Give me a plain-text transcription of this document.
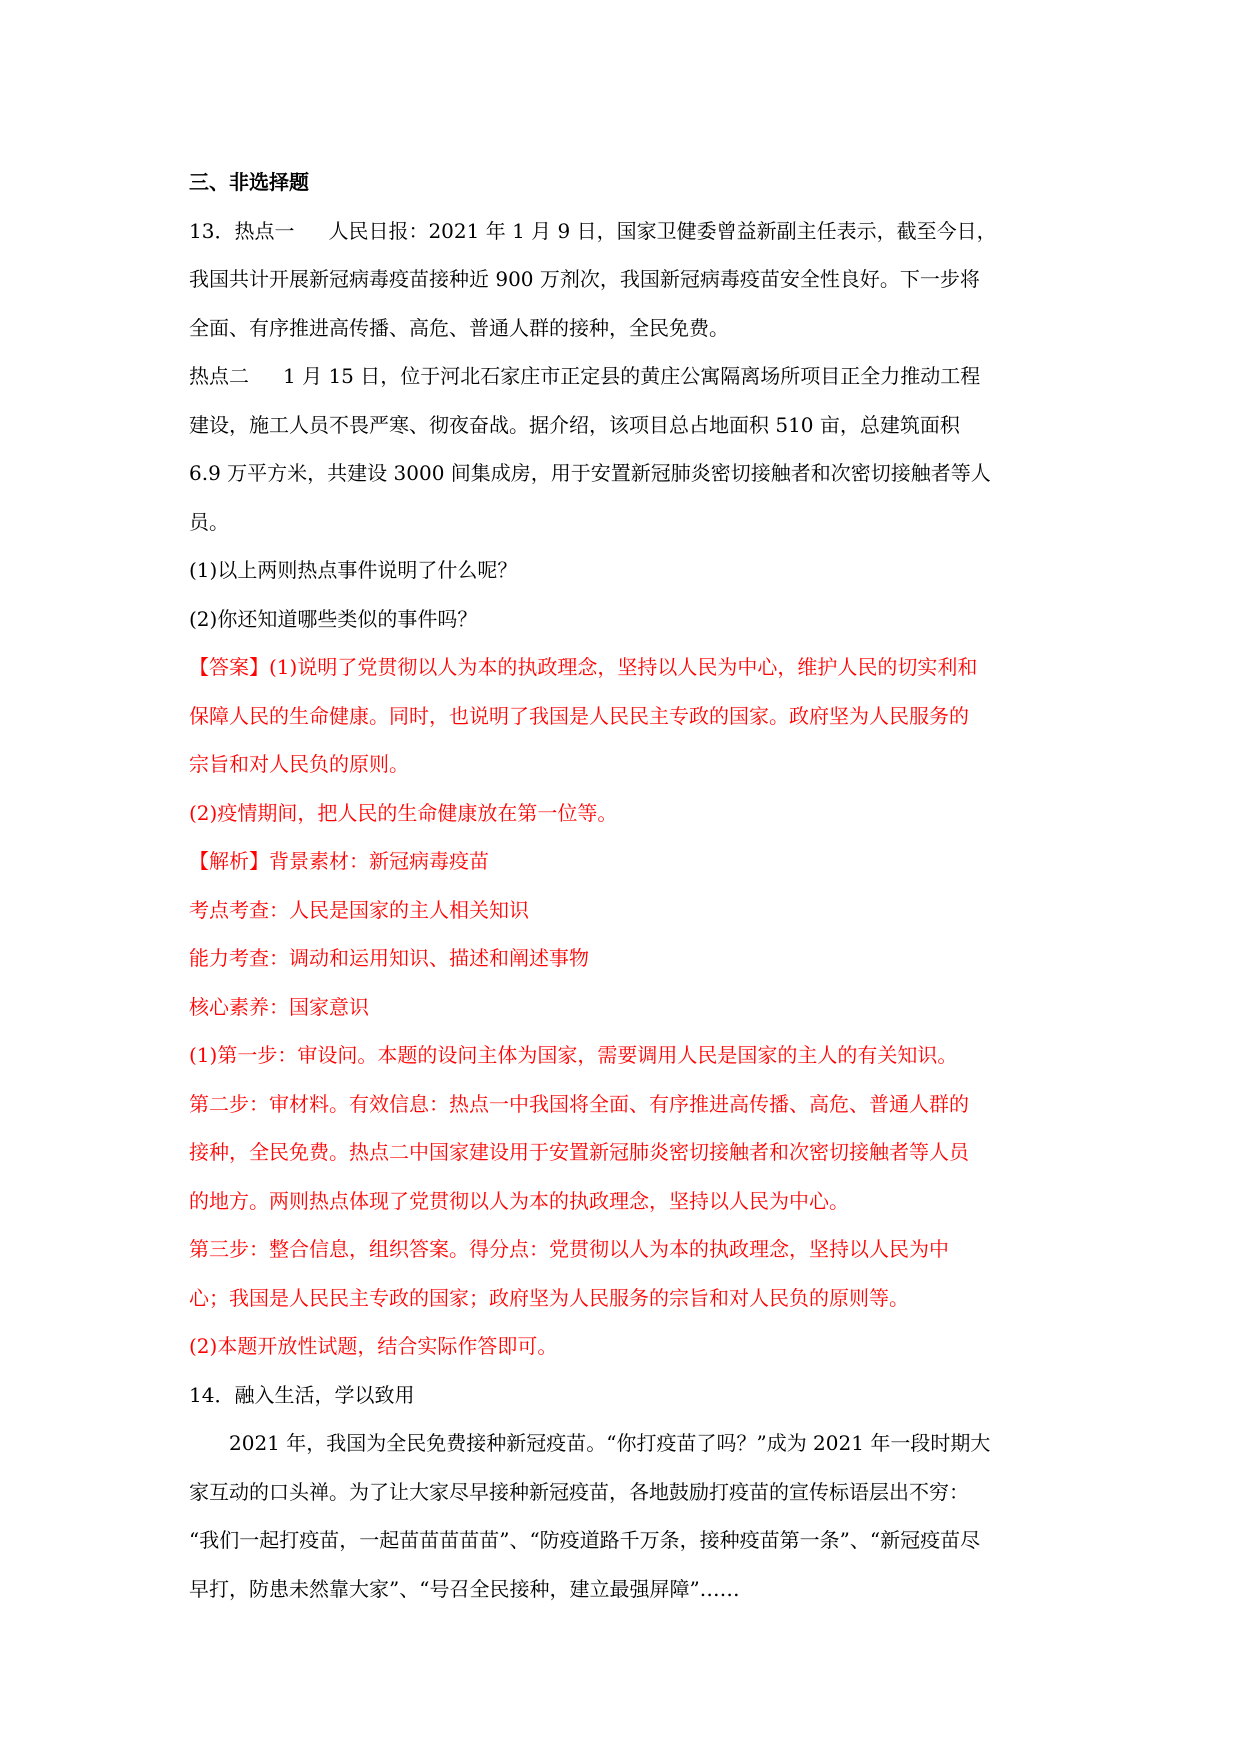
三、非选择题
13．热点一 人民日报：2021 年 1 月 9 日，国家卫健委曾益新副主任表示，截至今日，
我国共计开展新冠病毒疫苗接种近 900 万剂次，我国新冠病毒疫苗安全性良好。下一步将
全面、有序推进高传播、高危、普通人群的接种，全民免费。
热点二 1 月 15 日，位于河北石家庄市正定县的黄庄公寓隔离场所项目正全力推动工程
建设，施工人员不畏严寒、彻夜奋战。据介绍，该项目总占地面积 510 亩，总建筑面积
6.9 万平方米，共建设 3000 间集成房，用于安置新冠肺炎密切接触者和次密切接触者等人
员。
(1)以上两则热点事件说明了什么呢？
(2)你还知道哪些类似的事件吗？
【答案】(1)说明了党贯彻以人为本的执政理念，坚持以人民为中心，维护人民的切实利和
保障人民的生命健康。同时，也说明了我国是人民民主专政的国家。政府坚为人民服务的
宗旨和对人民负的原则。
(2)疫情期间，把人民的生命健康放在第一位等。
【解析】背景素材：新冠病毒疫苗
考点考查：人民是国家的主人相关知识
能力考查：调动和运用知识、描述和阐述事物
核心素养：国家意识
(1)第一步：审设问。本题的设问主体为国家，需要调用人民是国家的主人的有关知识。
第二步：审材料。有效信息：热点一中我国将全面、有序推进高传播、高危、普通人群的
接种，全民免费。热点二中国家建设用于安置新冠肺炎密切接触者和次密切接触者等人员
的地方。两则热点体现了党贯彻以人为本的执政理念，坚持以人民为中心。
第三步：整合信息，组织答案。得分点：党贯彻以人为本的执政理念，坚持以人民为中
心；我国是人民民主专政的国家；政府坚为人民服务的宗旨和对人民负的原则等。
(2)本题开放性试题，结合实际作答即可。
14．融入生活，学以致用
2021 年，我国为全民免费接种新冠疫苗。“你打疫苗了吗？”成为 2021 年一段时期大
家互动的口头禅。为了让大家尽早接种新冠疫苗，各地鼓励打疫苗的宣传标语层出不穷：
“我们一起打疫苗，一起苗苗苗苗苗”、“防疫道路千万条，接种疫苗第一条”、“新冠疫苗尽
早打，防患未然靠大家”、“号召全民接种，建立最强屏障”……
